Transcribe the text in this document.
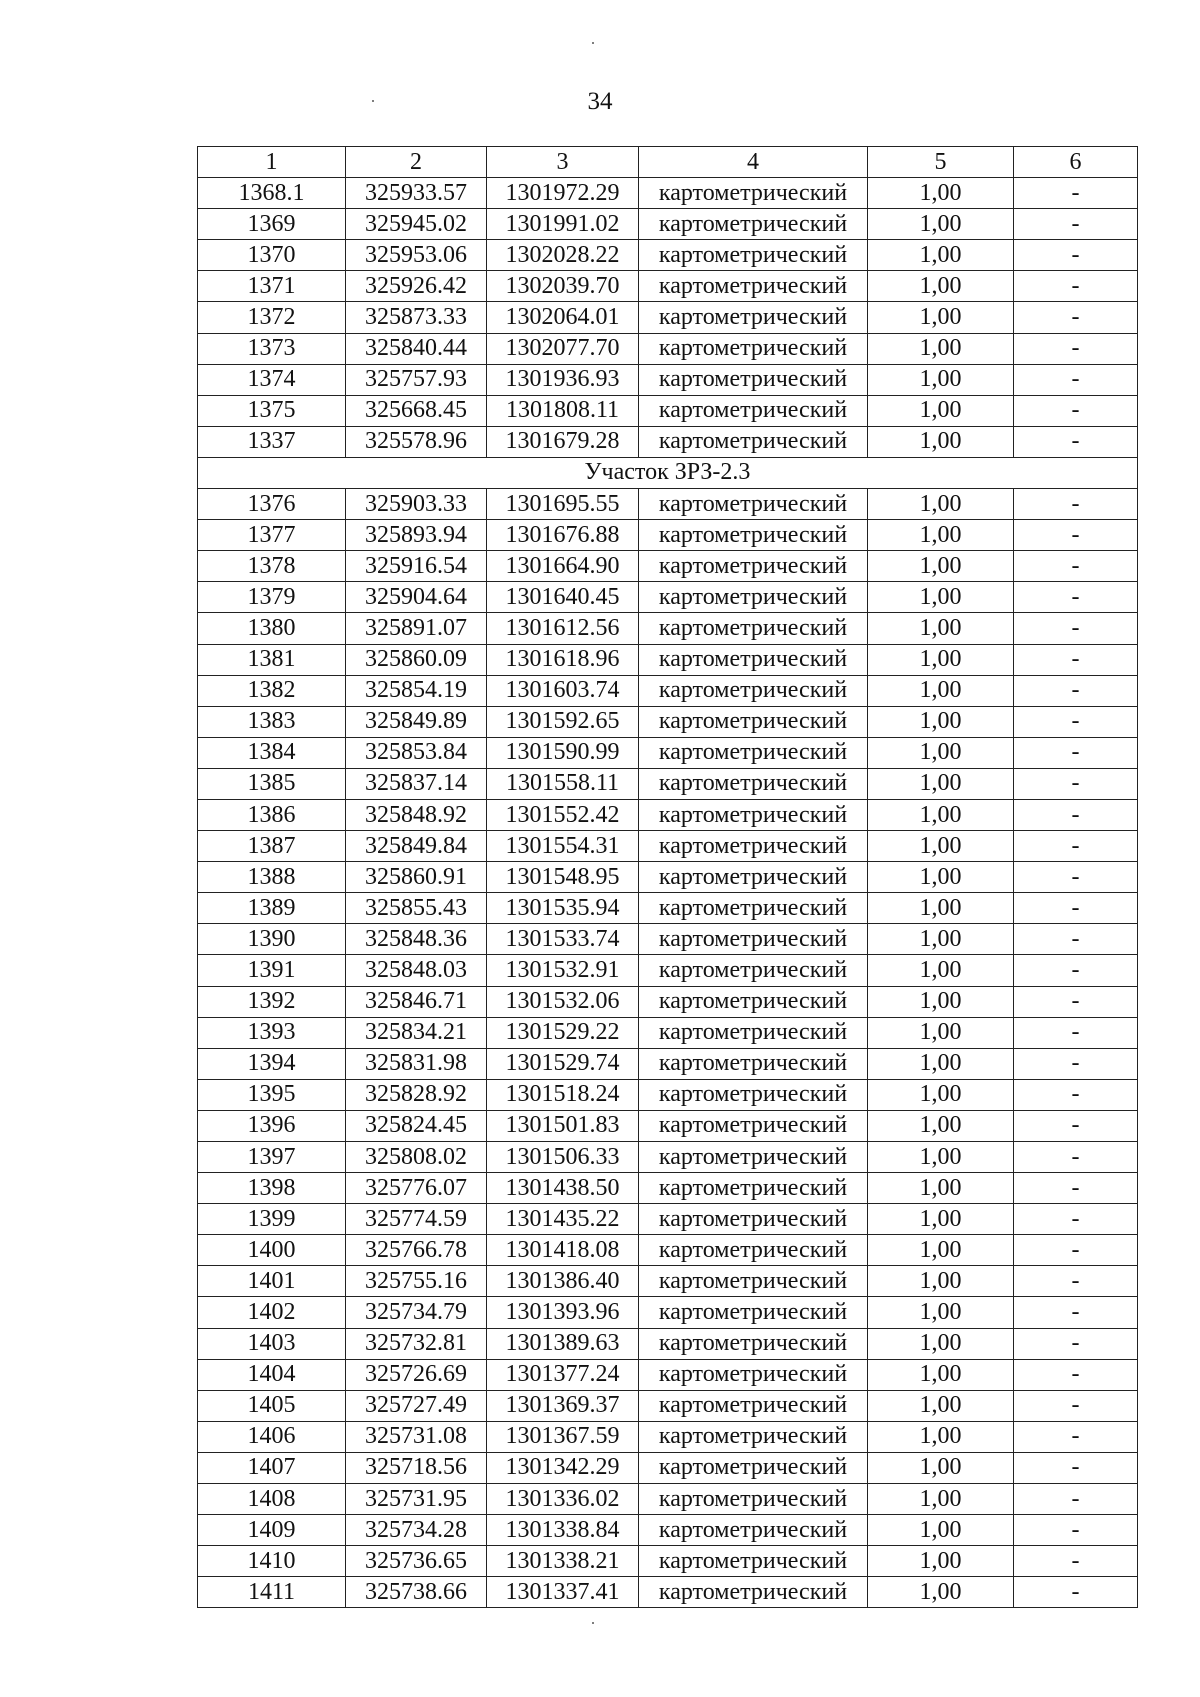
34
1	2	3	4	5	6
1368.1	325933.57	1301972.29	картометрический	1,00	-
1369	325945.02	1301991.02	картометрический	1,00	-
1370	325953.06	1302028.22	картометрический	1,00	-
1371	325926.42	1302039.70	картометрический	1,00	-
1372	325873.33	1302064.01	картометрический	1,00	-
1373	325840.44	1302077.70	картометрический	1,00	-
1374	325757.93	1301936.93	картометрический	1,00	-
1375	325668.45	1301808.11	картометрический	1,00	-
1337	325578.96	1301679.28	картометрический	1,00	-
Участок ЗРЗ-2.3					
1376	325903.33	1301695.55	картометрический	1,00	-
1377	325893.94	1301676.88	картометрический	1,00	-
1378	325916.54	1301664.90	картометрический	1,00	-
1379	325904.64	1301640.45	картометрический	1,00	-
1380	325891.07	1301612.56	картометрический	1,00	-
1381	325860.09	1301618.96	картометрический	1,00	-
1382	325854.19	1301603.74	картометрический	1,00	-
1383	325849.89	1301592.65	картометрический	1,00	-
1384	325853.84	1301590.99	картометрический	1,00	-
1385	325837.14	1301558.11	картометрический	1,00	-
1386	325848.92	1301552.42	картометрический	1,00	-
1387	325849.84	1301554.31	картометрический	1,00	-
1388	325860.91	1301548.95	картометрический	1,00	-
1389	325855.43	1301535.94	картометрический	1,00	-
1390	325848.36	1301533.74	картометрический	1,00	-
1391	325848.03	1301532.91	картометрический	1,00	-
1392	325846.71	1301532.06	картометрический	1,00	-
1393	325834.21	1301529.22	картометрический	1,00	-
1394	325831.98	1301529.74	картометрический	1,00	-
1395	325828.92	1301518.24	картометрический	1,00	-
1396	325824.45	1301501.83	картометрический	1,00	-
1397	325808.02	1301506.33	картометрический	1,00	-
1398	325776.07	1301438.50	картометрический	1,00	-
1399	325774.59	1301435.22	картометрический	1,00	-
1400	325766.78	1301418.08	картометрический	1,00	-
1401	325755.16	1301386.40	картометрический	1,00	-
1402	325734.79	1301393.96	картометрический	1,00	-
1403	325732.81	1301389.63	картометрический	1,00	-
1404	325726.69	1301377.24	картометрический	1,00	-
1405	325727.49	1301369.37	картометрический	1,00	-
1406	325731.08	1301367.59	картометрический	1,00	-
1407	325718.56	1301342.29	картометрический	1,00	-
1408	325731.95	1301336.02	картометрический	1,00	-
1409	325734.28	1301338.84	картометрический	1,00	-
1410	325736.65	1301338.21	картометрический	1,00	-
1411	325738.66	1301337.41	картометрический	1,00	-
